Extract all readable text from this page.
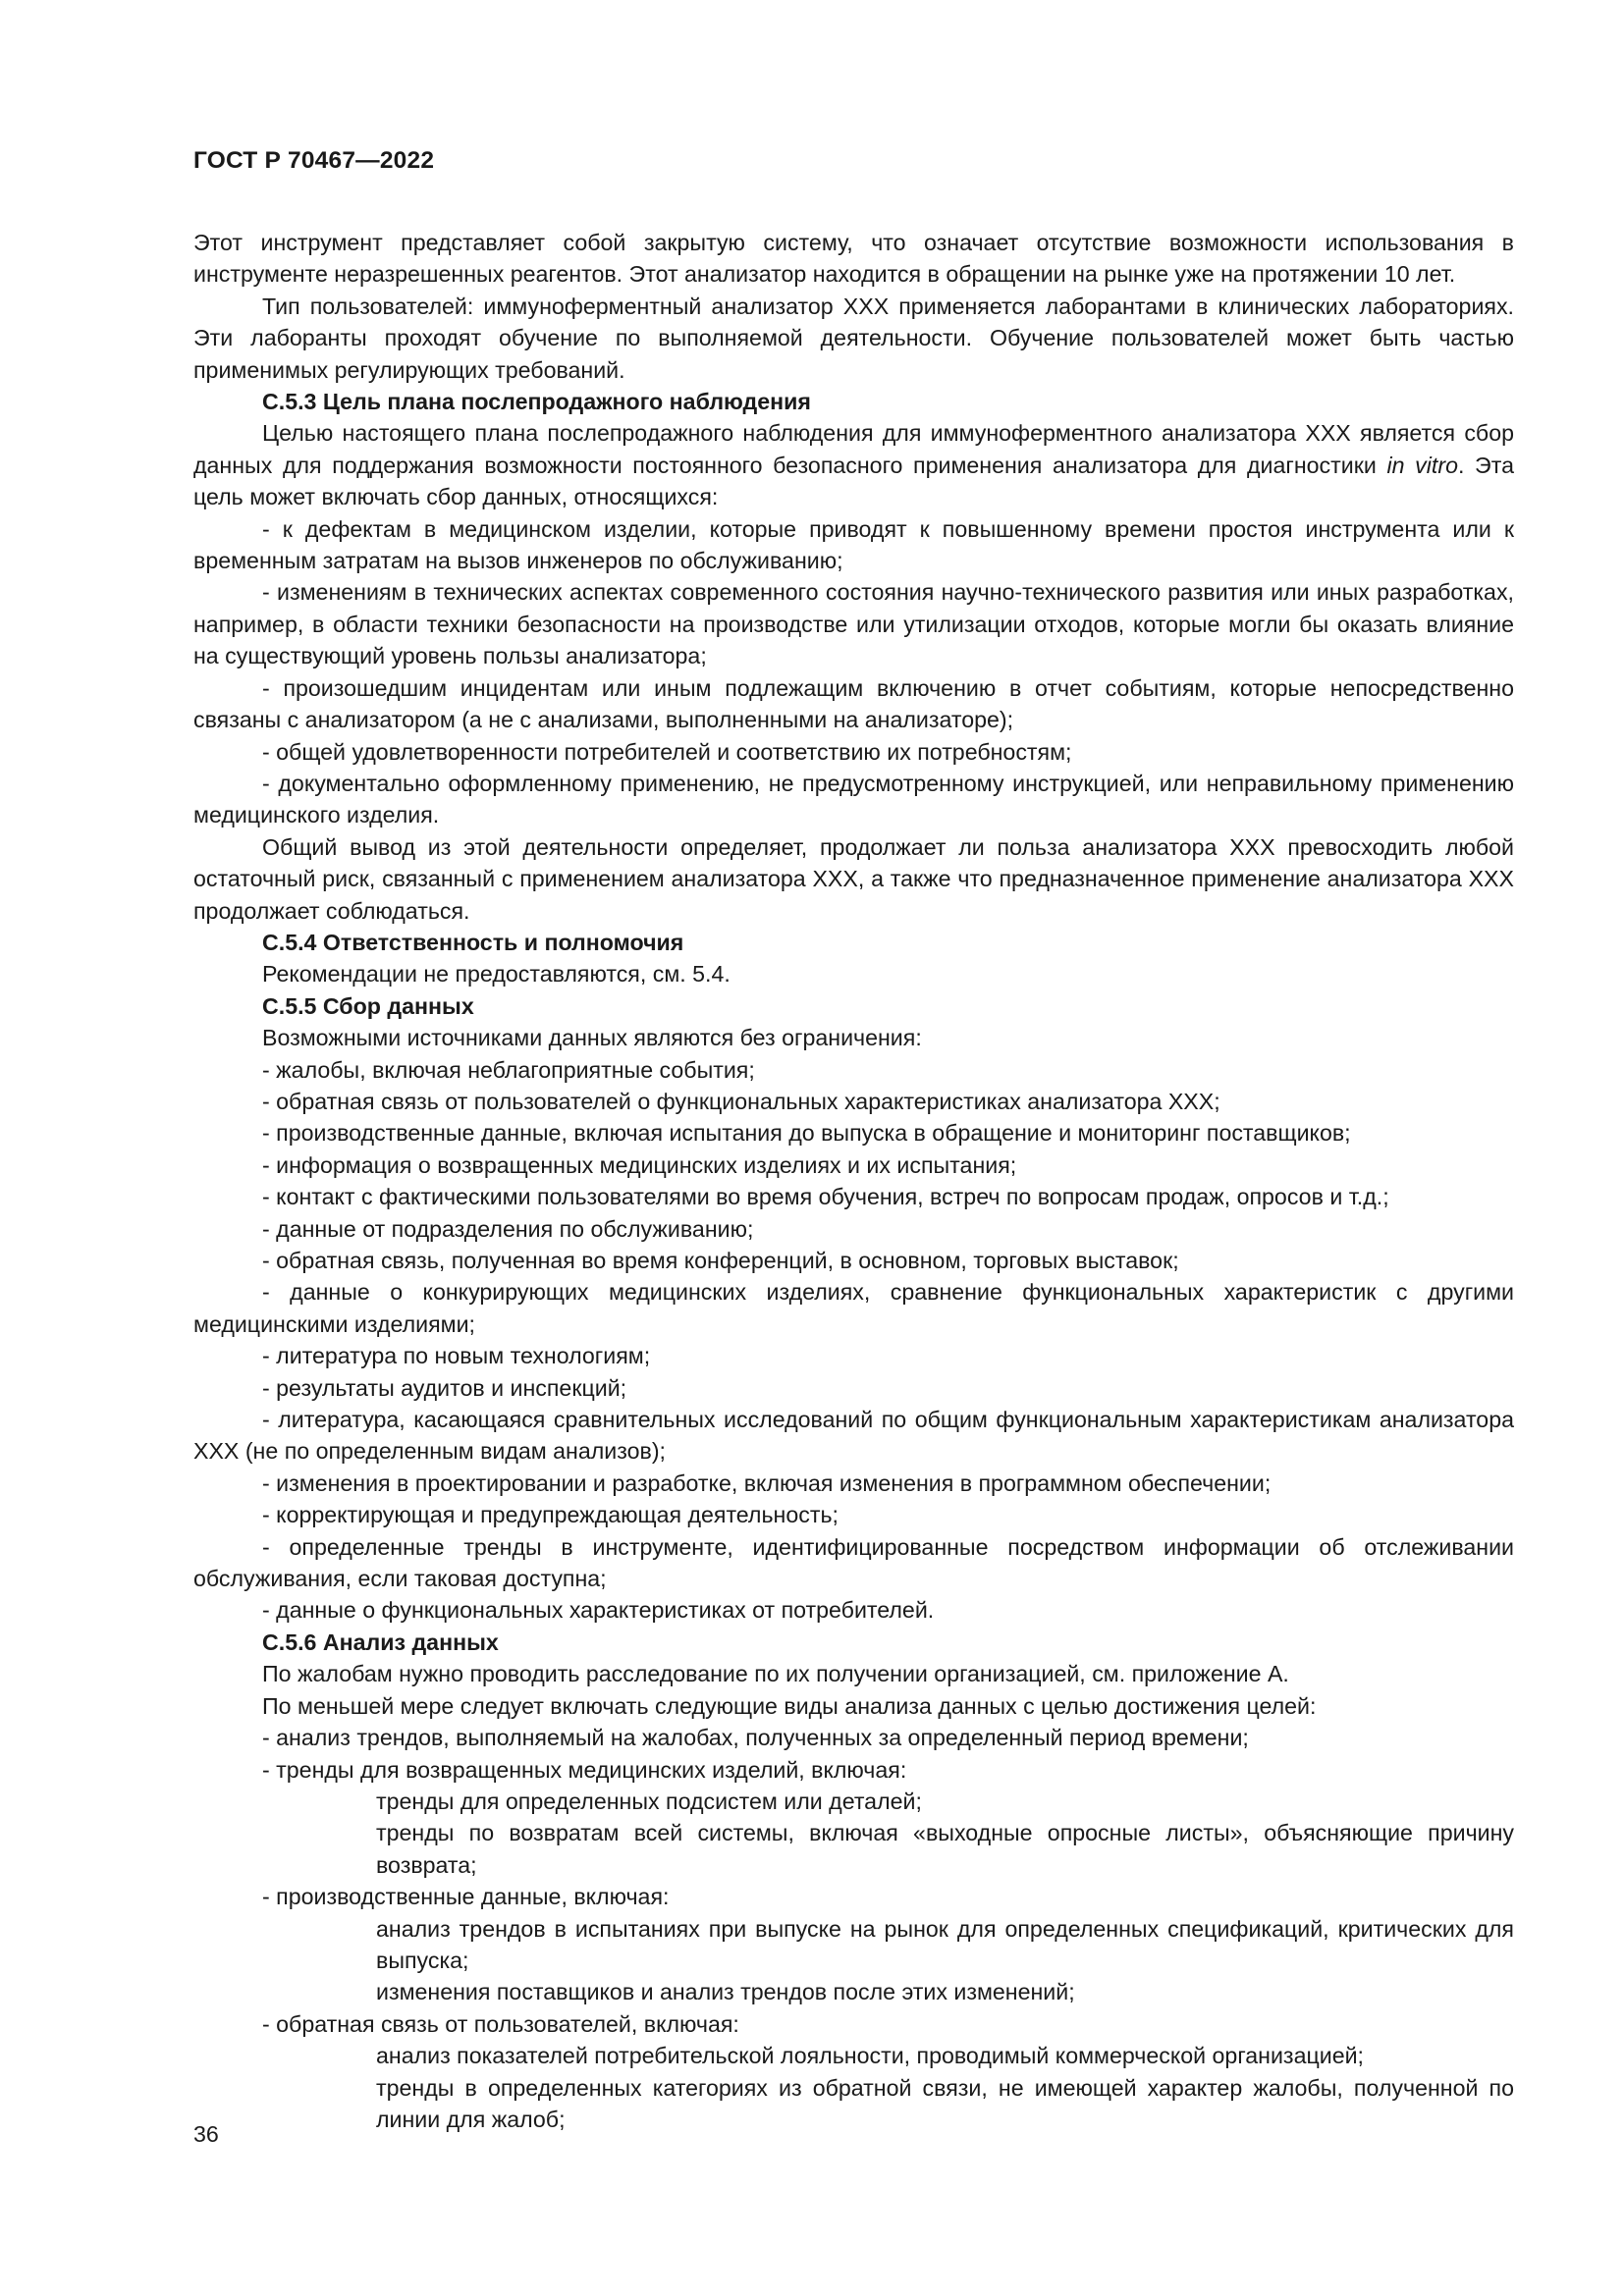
ГОСТ Р 70467—2022

Этот инструмент представляет собой закрытую систему, что означает отсутствие возможности использования в инструменте неразрешенных реагентов. Этот анализатор находится в обращении на рынке уже на протяжении 10 лет.

Тип пользователей: иммуноферментный анализатор XXX применяется лаборантами в клинических лабораториях. Эти лаборанты проходят обучение по выполняемой деятельности. Обучение пользователей может быть частью применимых регулирующих требований.

С.5.3 Цель плана послепродажного наблюдения

Целью настоящего плана послепродажного наблюдения для иммуноферментного анализатора XXX является сбор данных для поддержания возможности постоянного безопасного применения анализатора для диагностики in vitro. Эта цель может включать сбор данных, относящихся:

- к дефектам в медицинском изделии, которые приводят к повышенному времени простоя инструмента или к временным затратам на вызов инженеров по обслуживанию;

- изменениям в технических аспектах современного состояния научно-технического развития или иных разработках, например, в области техники безопасности на производстве или утилизации отходов, которые могли бы оказать влияние на существующий уровень пользы анализатора;

- произошедшим инцидентам или иным подлежащим включению в отчет событиям, которые непосредственно связаны с анализатором (а не с анализами, выполненными на анализаторе);

- общей удовлетворенности потребителей и соответствию их потребностям;

- документально оформленному применению, не предусмотренному инструкцией, или неправильному применению медицинского изделия.

Общий вывод из этой деятельности определяет, продолжает ли польза анализатора XXX превосходить любой остаточный риск, связанный с применением анализатора XXX, а также что предназначенное применение анализатора XXX продолжает соблюдаться.

С.5.4 Ответственность и полномочия

Рекомендации не предоставляются, см. 5.4.

С.5.5 Сбор данных

Возможными источниками данных являются без ограничения:

- жалобы, включая неблагоприятные события;

- обратная связь от пользователей о функциональных характеристиках анализатора XXX;

- производственные данные, включая испытания до выпуска в обращение и мониторинг поставщиков;

- информация о возвращенных медицинских изделиях и их испытания;

- контакт с фактическими пользователями во время обучения, встреч по вопросам продаж, опросов и т.д.;

- данные от подразделения по обслуживанию;

- обратная связь, полученная во время конференций, в основном, торговых выставок;

- данные о конкурирующих медицинских изделиях, сравнение функциональных характеристик с другими медицинскими изделиями;

- литература по новым технологиям;

- результаты аудитов и инспекций;

- литература, касающаяся сравнительных исследований по общим функциональным характеристикам анализатора XXX (не по определенным видам анализов);

- изменения в проектировании и разработке, включая изменения в программном обеспечении;

- корректирующая и предупреждающая деятельность;

- определенные тренды в инструменте, идентифицированные посредством информации об отслеживании обслуживания, если таковая доступна;

- данные о функциональных характеристиках от потребителей.

С.5.6 Анализ данных

По жалобам нужно проводить расследование по их получении организацией, см. приложение А.

По меньшей мере следует включать следующие виды анализа данных с целью достижения целей:

- анализ трендов, выполняемый на жалобах, полученных за определенный период времени;

- тренды для возвращенных медицинских изделий, включая:

тренды для определенных подсистем или деталей;

тренды по возвратам всей системы, включая «выходные опросные листы», объясняющие причину возврата;

- производственные данные, включая:

анализ трендов в испытаниях при выпуске на рынок для определенных спецификаций, критических для выпуска;

изменения поставщиков и анализ трендов после этих изменений;

- обратная связь от пользователей, включая:

анализ показателей потребительской лояльности, проводимый коммерческой организацией;

тренды в определенных категориях из обратной связи, не имеющей характер жалобы, полученной по линии для жалоб;

36
